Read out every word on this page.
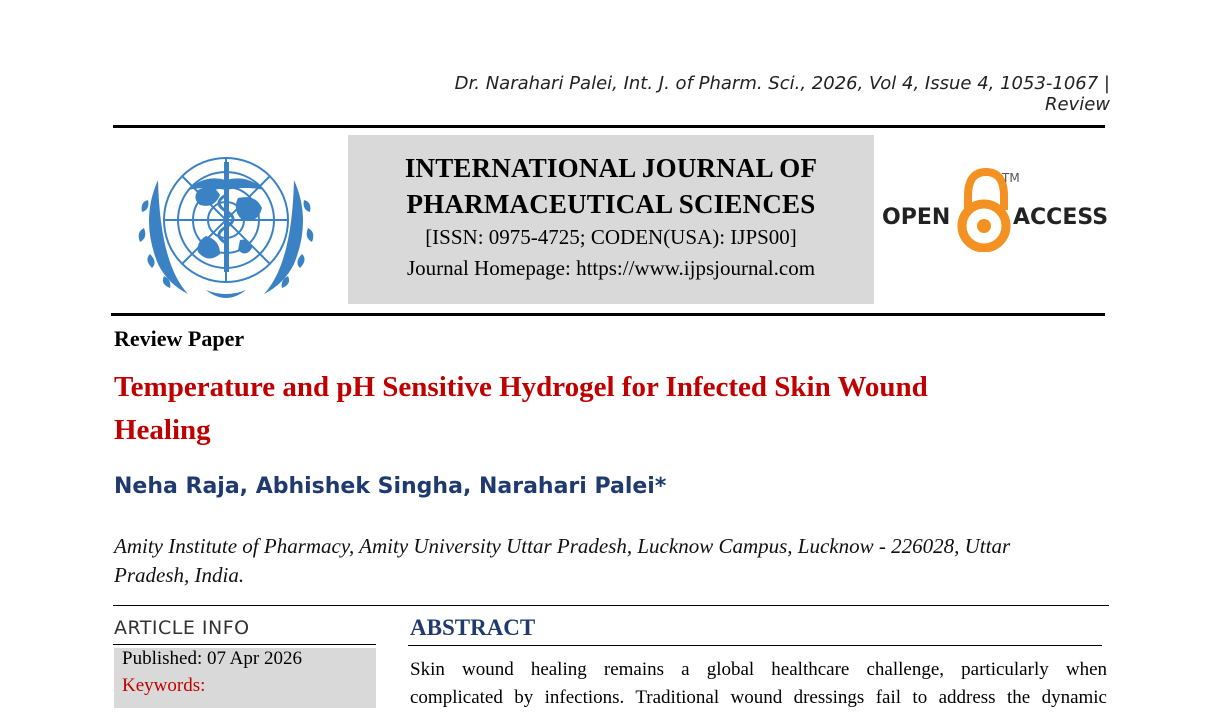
Dr. Narahari Palei, Int. J. of Pharm. Sci., 2026, Vol 4, Issue 4, 1053-1067 | Review
INTERNATIONAL JOURNAL OF
PHARMACEUTICAL SCIENCES
[ISSN: 0975-4725; CODEN(USA): IJPS00]
Journal Homepage: https://www.ijpsjournal.com
OPEN
TM
ACCESS
Review Paper
Temperature and pH Sensitive Hydrogel for Infected Skin Wound
Healing
Neha Raja, Abhishek Singha, Narahari Palei*
Amity Institute of Pharmacy, Amity University Uttar Pradesh, Lucknow Campus, Lucknow - 226028, Uttar
Pradesh, India.
ARTICLE INFO	ABSTRACT
Published: 07 Apr 2026
Keywords:
Skin wound healing remains a global healthcare challenge, particularly when
complicated by infections. Traditional wound dressings fail to address the dynamic
